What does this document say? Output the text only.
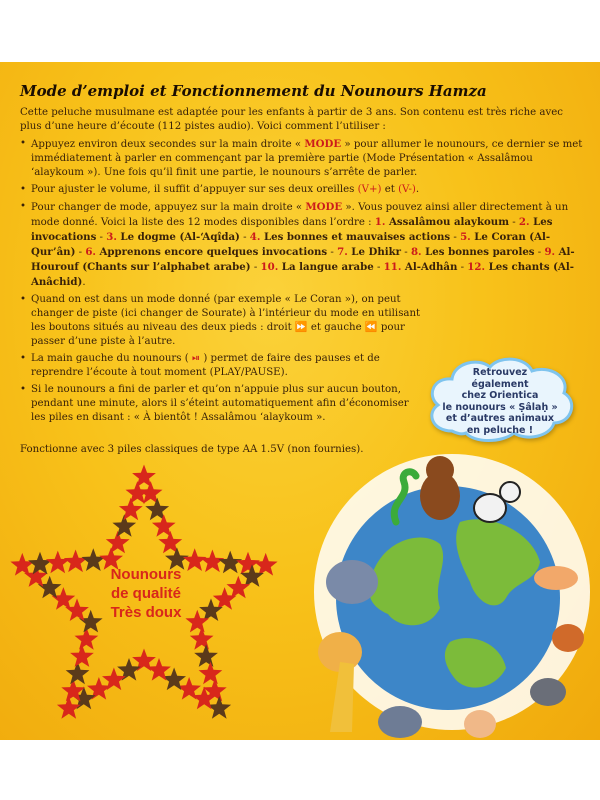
Mode d’emploi et Fonctionnement du Nounours Hamza

Cette peluche musulmane est adaptée pour les enfants à partir de 3 ans. Son contenu est très riche avec plus d’une heure d’écoute (112 pistes audio). Voici comment l’utiliser :

• Appuyez environ deux secondes sur la main droite « MODE » pour allumer le nounours, ce dernier se met immédiatement à parler en commençant par la première partie (Mode Présentation « Assalâmou ‘alaykoum »). Une fois qu’il finit une partie, le nounours s’arrête de parler.
• Pour ajuster le volume, il suffit d’appuyer sur ses deux oreilles (V+) et (V-).
• Pour changer de mode, appuyez sur la main droite « MODE ». Vous pouvez ainsi aller directement à un mode donné. Voici la liste des 12 modes disponibles dans l’ordre : 1. Assalâmou alaykoum - 2. Les invocations - 3. Le dogme (Al-‘Aqîda) - 4. Les bonnes et mauvaises actions - 5. Le Coran (Al-Qur’ân) - 6. Apprenons encore quelques invocations - 7. Le Dhikr - 8. Les bonnes paroles - 9. Al-Hourouf (Chants sur l’alphabet arabe) - 10. La langue arabe - 11. Al-Adhân - 12. Les chants (Al-Anâchid).
• Quand on est dans un mode donné (par exemple « Le Coran »), on peut changer de piste (ici changer de Sourate) à l’intérieur du mode en utilisant les boutons situés au niveau des deux pieds : droit ⏩ et gauche ⏪ pour passer d’une piste à l’autre.
• La main gauche du nounours ( ⏯ ) permet de faire des pauses et de reprendre l’écoute à tout moment (PLAY/PAUSE).
• Si le nounours a fini de parler et qu’on n’appuie plus sur aucun bouton, pendant une minute, alors il s’éteint automatiquement afin d’économiser les piles en disant : « À bientôt ! Assalâmou ‘alaykoum ».

Fonctionne avec 3 piles classiques de type AA 1.5V (non fournies).

Retrouvez
également
chez Orientica
le nounours « Ṣâlaḥ »
et d’autres animaux
en peluche !
Nounours
de qualité
Très doux
